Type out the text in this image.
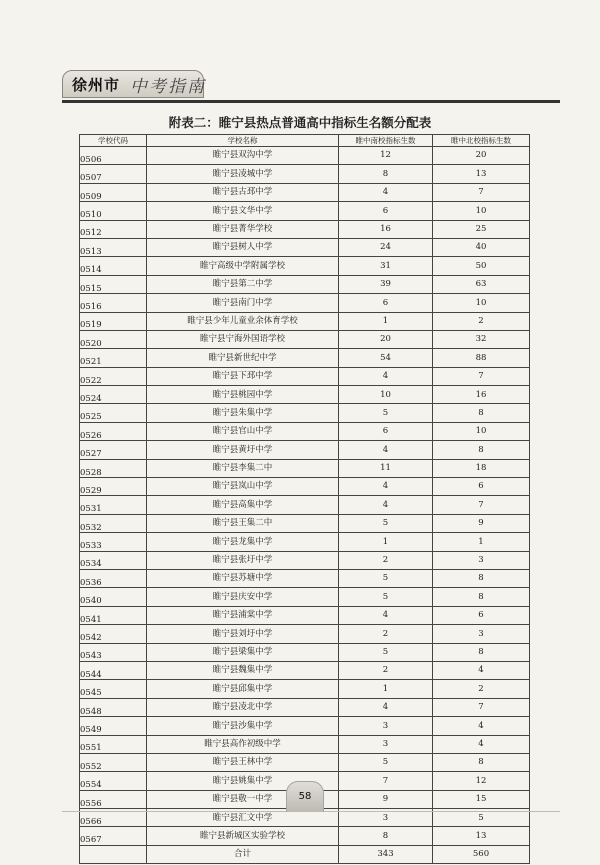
徐州市 中考指南
附表二：睢宁县热点普通高中指标生名额分配表
学校代码	学校名称	睢中南校指标生数	睢中北校指标生数
0506	睢宁县双沟中学	12	20
0507	睢宁县凌城中学	8	13
0509	睢宁县古邳中学	4	7
0510	睢宁县文华中学	6	10
0512	睢宁县菁华学校	16	25
0513	睢宁县树人中学	24	40
0514	睢宁高级中学附属学校	31	50
0515	睢宁县第二中学	39	63
0516	睢宁县南门中学	6	10
0519	睢宁县少年儿童业余体育学校	1	2
0520	睢宁县宁海外国语学校	20	32
0521	睢宁县新世纪中学	54	88
0522	睢宁县下邳中学	4	7
0524	睢宁县桃园中学	10	16
0525	睢宁县朱集中学	5	8
0526	睢宁县官山中学	6	10
0527	睢宁县黄圩中学	4	8
0528	睢宁县李集二中	11	18
0529	睢宁县岚山中学	4	6
0531	睢宁县高集中学	4	7
0532	睢宁县王集二中	5	9
0533	睢宁县龙集中学	1	1
0534	睢宁县张圩中学	2	3
0536	睢宁县苏塘中学	5	8
0540	睢宁县庆安中学	5	8
0541	睢宁县浦棠中学	4	6
0542	睢宁县刘圩中学	2	3
0543	睢宁县梁集中学	5	8
0544	睢宁县魏集中学	2	4
0545	睢宁县邱集中学	1	2
0548	睢宁县凌北中学	4	7
0549	睢宁县沙集中学	3	4
0551	睢宁县高作初级中学	3	4
0552	睢宁县王林中学	5	8
0554	睢宁县姚集中学	7	12
0556	睢宁县敬一中学	9	15
0566	睢宁县汇文中学	3	5
0567	睢宁县新城区实验学校	8	13
	合计	343	560
58
